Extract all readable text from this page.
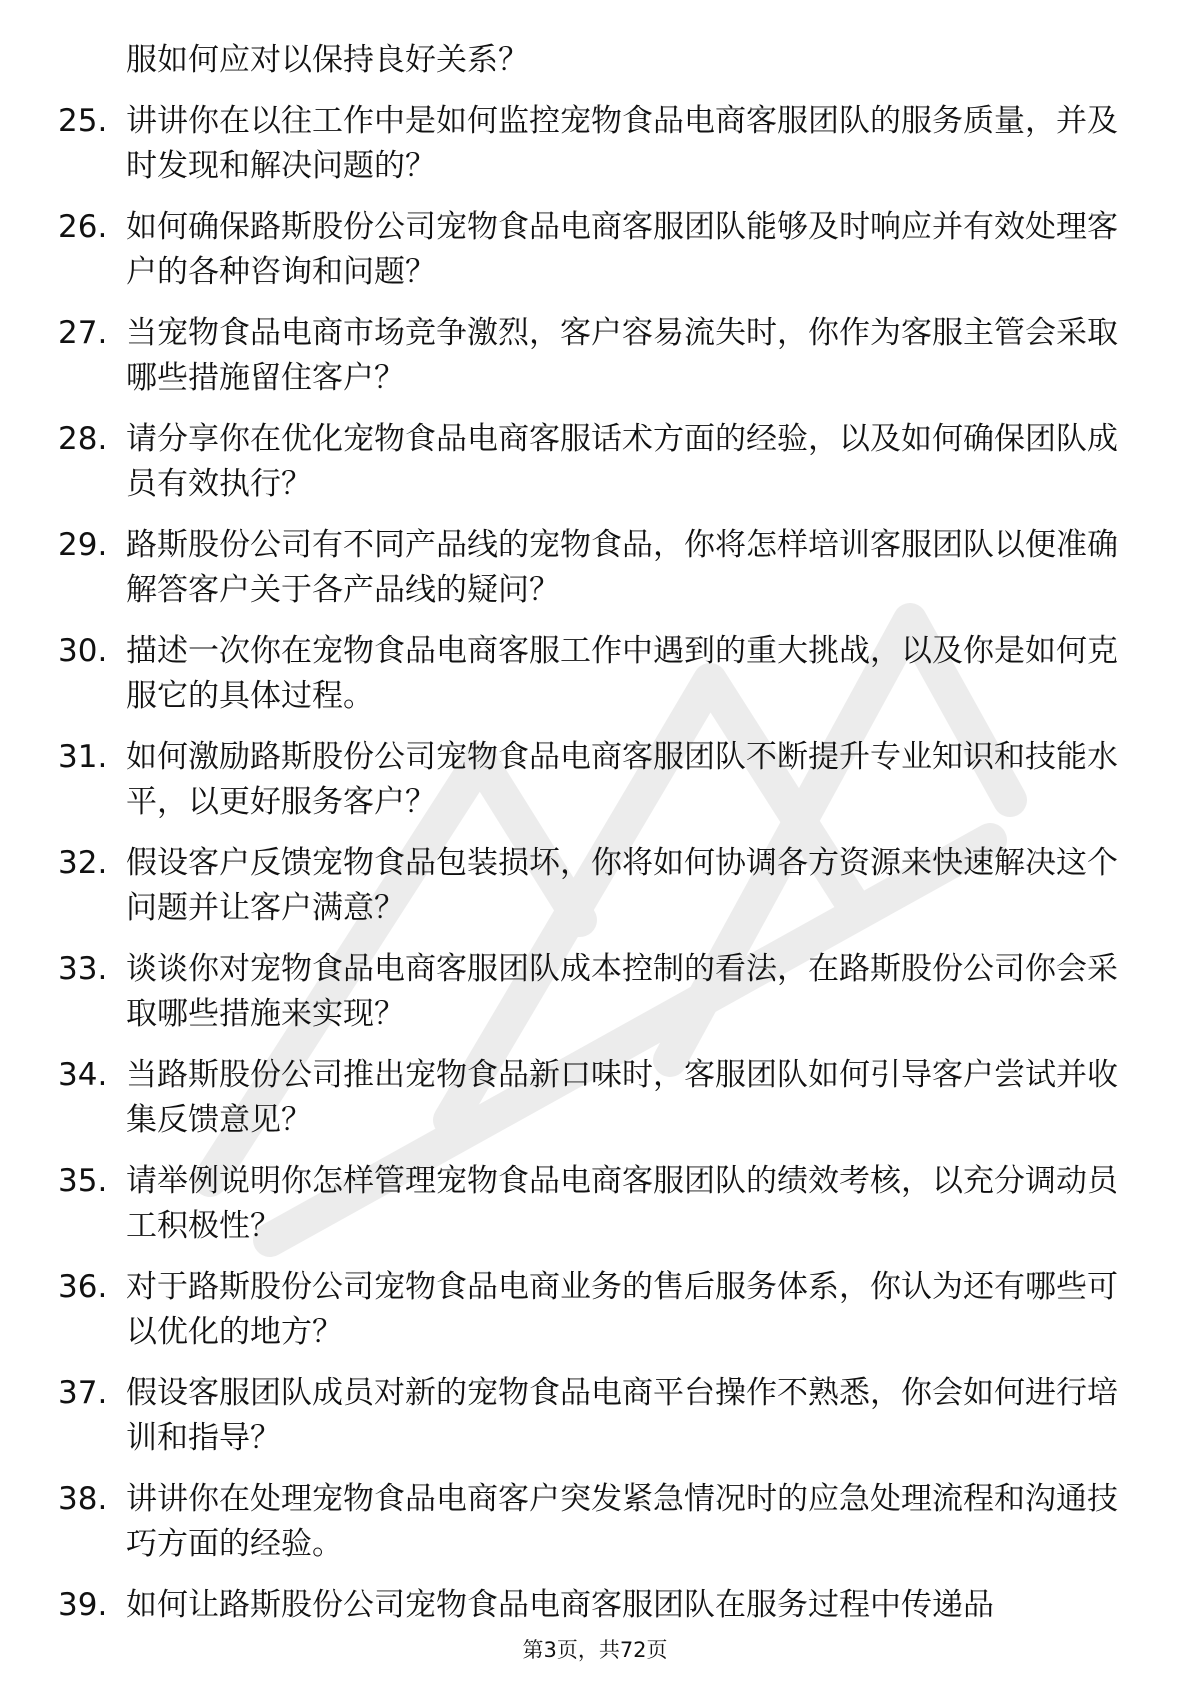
服如何应对以保持良好关系？
25. 讲讲你在以往工作中是如何监控宠物食品电商客服团队的服务质量，并及时发现和解决问题的？
26. 如何确保路斯股份公司宠物食品电商客服团队能够及时响应并有效处理客户的各种咨询和问题？
27. 当宠物食品电商市场竞争激烈，客户容易流失时，你作为客服主管会采取哪些措施留住客户？
28. 请分享你在优化宠物食品电商客服话术方面的经验，以及如何确保团队成员有效执行？
29. 路斯股份公司有不同产品线的宠物食品，你将怎样培训客服团队以便准确解答客户关于各产品线的疑问？
30. 描述一次你在宠物食品电商客服工作中遇到的重大挑战，以及你是如何克服它的具体过程。
31. 如何激励路斯股份公司宠物食品电商客服团队不断提升专业知识和技能水平，以更好服务客户？
32. 假设客户反馈宠物食品包装损坏，你将如何协调各方资源来快速解决这个问题并让客户满意？
33. 谈谈你对宠物食品电商客服团队成本控制的看法，在路斯股份公司你会采取哪些措施来实现？
34. 当路斯股份公司推出宠物食品新口味时，客服团队如何引导客户尝试并收集反馈意见？
35. 请举例说明你怎样管理宠物食品电商客服团队的绩效考核，以充分调动员工积极性？
36. 对于路斯股份公司宠物食品电商业务的售后服务体系，你认为还有哪些可以优化的地方？
37. 假设客服团队成员对新的宠物食品电商平台操作不熟悉，你会如何进行培训和指导？
38. 讲讲你在处理宠物食品电商客户突发紧急情况时的应急处理流程和沟通技巧方面的经验。
39. 如何让路斯股份公司宠物食品电商客服团队在服务过程中传递品
第3页，共72页
